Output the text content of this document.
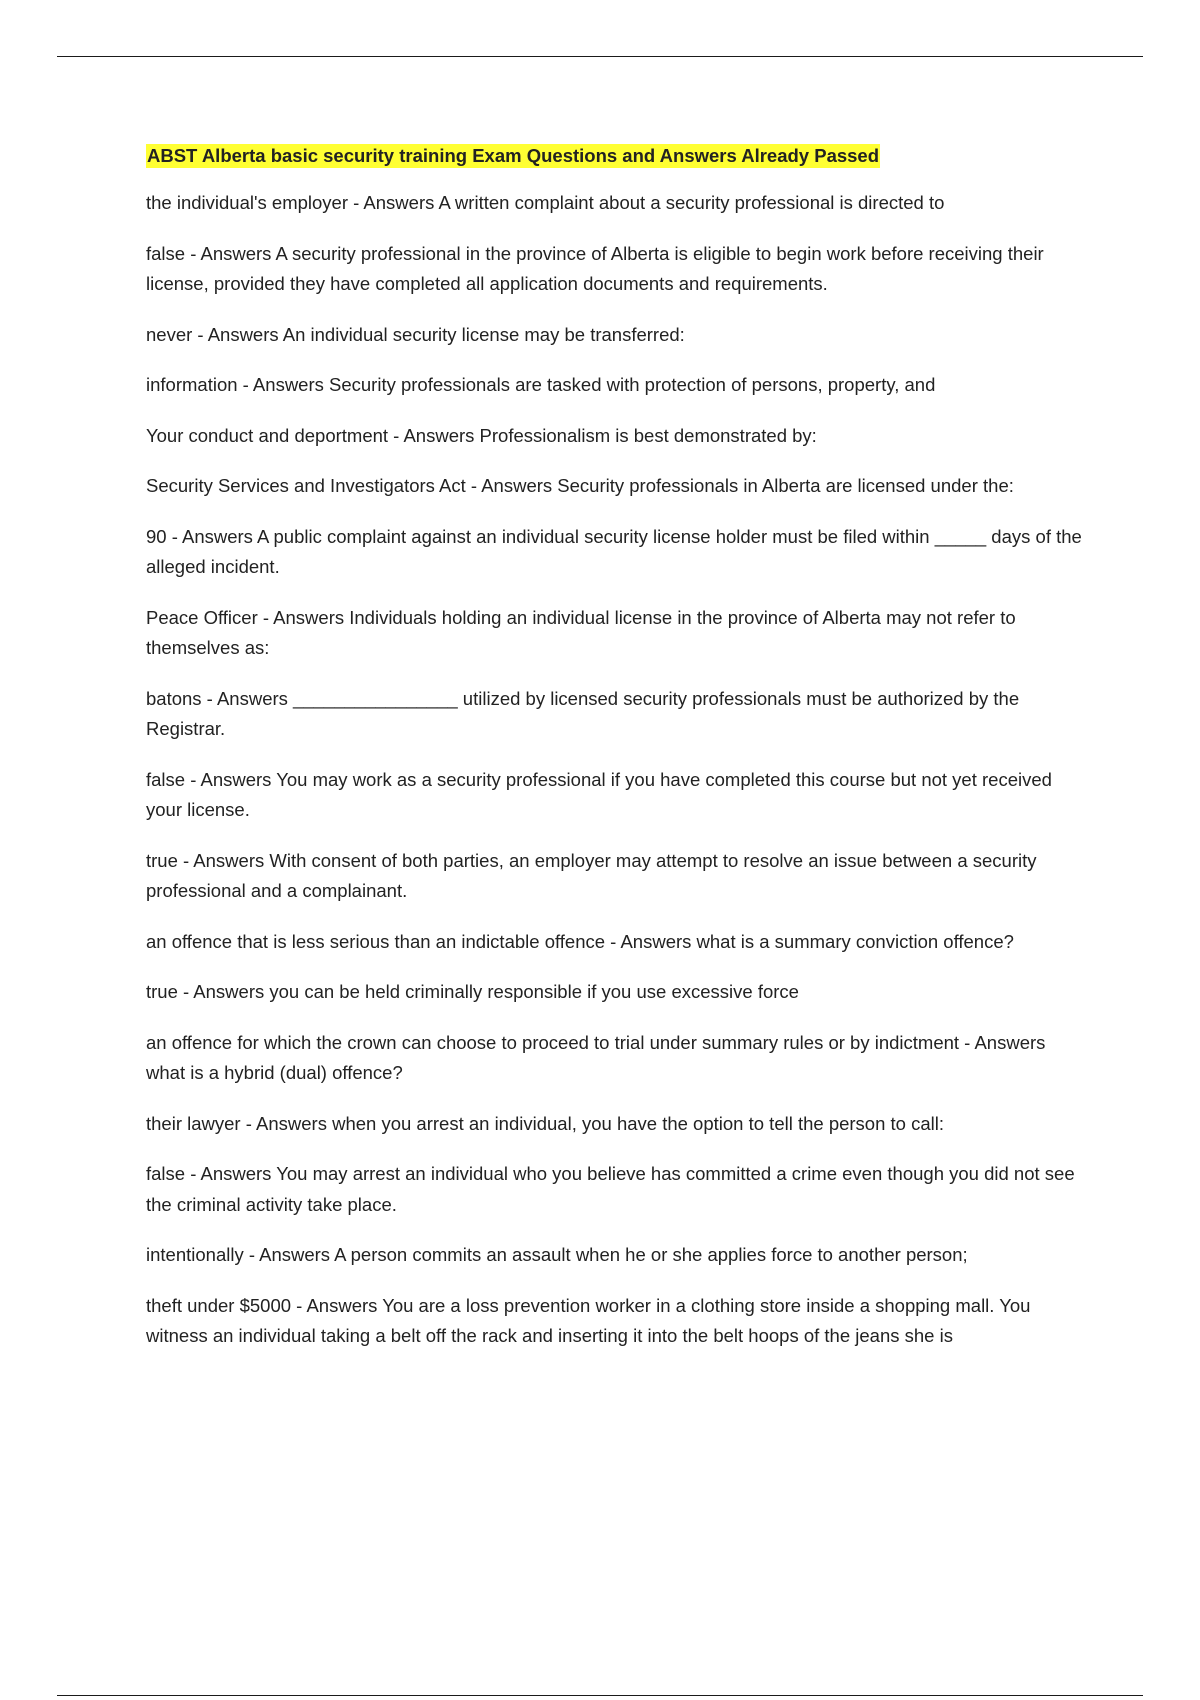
ABST Alberta basic security training Exam Questions and Answers Already Passed

the individual's employer - Answers A written complaint about a security professional is directed to

false - Answers A security professional in the province of Alberta is eligible to begin work before receiving their license, provided they have completed all application documents and requirements.

never - Answers An individual security license may be transferred:

information - Answers Security professionals are tasked with protection of persons, property, and

Your conduct and deportment - Answers Professionalism is best demonstrated by:

Security Services and Investigators Act - Answers Security professionals in Alberta are licensed under the:

90 - Answers A public complaint against an individual security license holder must be filed within _____ days of the alleged incident.

Peace Officer - Answers Individuals holding an individual license in the province of Alberta may not refer to themselves as:

batons - Answers ________________ utilized by licensed security professionals must be authorized by the Registrar.

false - Answers You may work as a security professional if you have completed this course but not yet received your license.

true - Answers With consent of both parties, an employer may attempt to resolve an issue between a security professional and a complainant.

an offence that is less serious than an indictable offence - Answers what is a summary conviction offence?

true - Answers you can be held criminally responsible if you use excessive force

an offence for which the crown can choose to proceed to trial under summary rules or by indictment - Answers what is a hybrid (dual) offence?

their lawyer - Answers when you arrest an individual, you have the option to tell the person to call:

false - Answers You may arrest an individual who you believe has committed a crime even though you did not see the criminal activity take place.

intentionally - Answers A person commits an assault when he or she applies force to another person;

theft under $5000 - Answers You are a loss prevention worker in a clothing store inside a shopping mall. You witness an individual taking a belt off the rack and inserting it into the belt hoops of the jeans she is
